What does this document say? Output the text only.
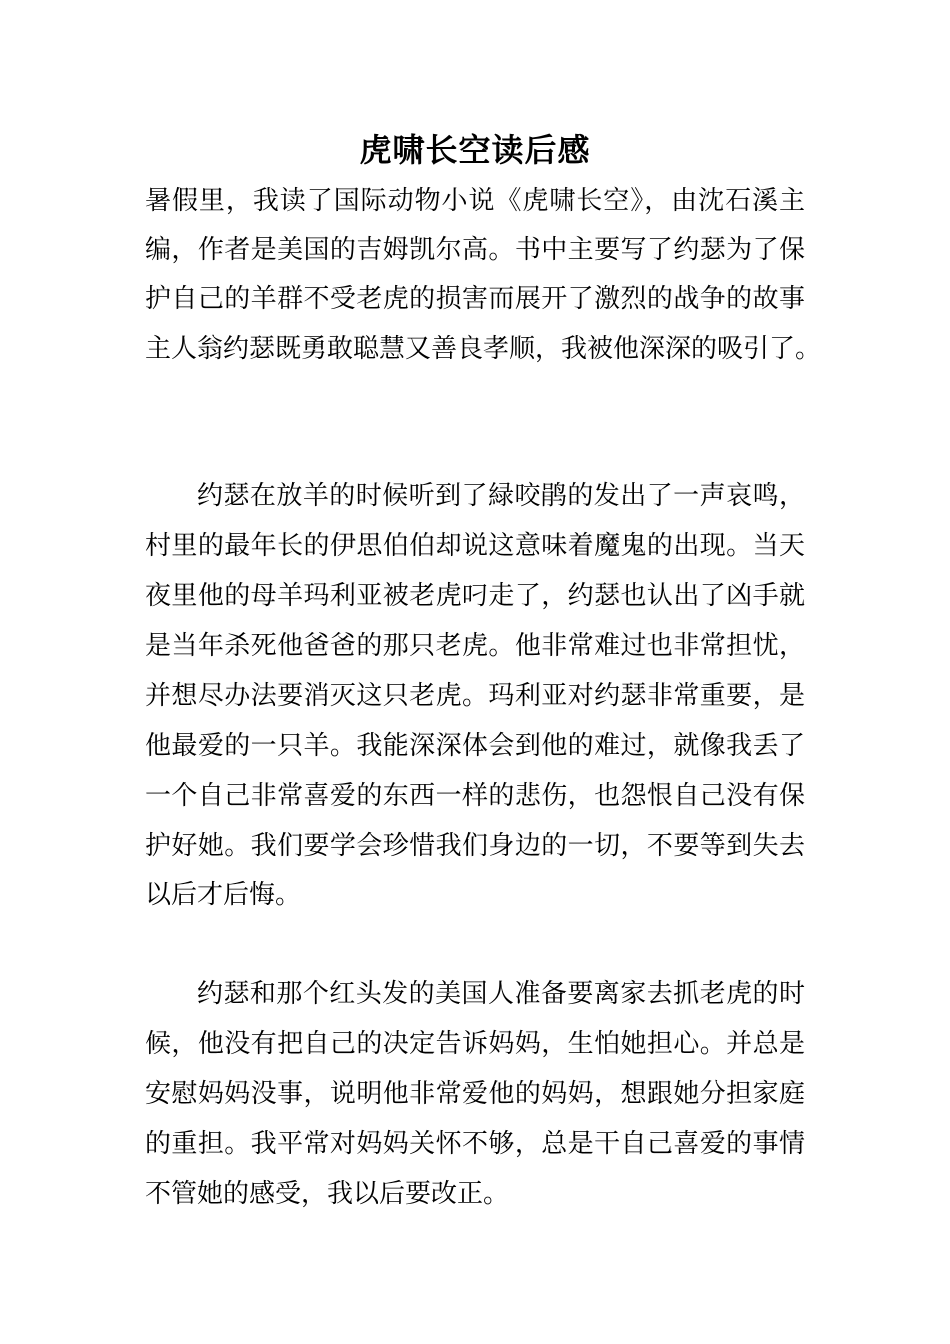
虎啸长空读后感
暑假里，我读了国际动物小说《虎啸长空》，由沈石溪主
编，作者是美国的吉姆凯尔高。书中主要写了约瑟为了保
护自己的羊群不受老虎的损害而展开了激烈的战争的故事
主人翁约瑟既勇敢聪慧又善良孝顺，我被他深深的吸引了。
约瑟在放羊的时候听到了緑咬鹃的发出了一声哀鸣，
村里的最年长的伊思伯伯却说这意味着魔鬼的出现。当天
夜里他的母羊玛利亚被老虎叼走了，约瑟也认出了凶手就
是当年杀死他爸爸的那只老虎。他非常难过也非常担忧，
并想尽办法要消灭这只老虎。玛利亚对约瑟非常重要，是
他最爱的一只羊。我能深深体会到他的难过，就像我丢了
一个自己非常喜爱的东西一样的悲伤，也怨恨自己没有保
护好她。我们要学会珍惜我们身边的一切，不要等到失去
以后才后悔。
约瑟和那个红头发的美国人准备要离家去抓老虎的时
候，他没有把自己的决定告诉妈妈，生怕她担心。并总是
安慰妈妈没事，说明他非常爱他的妈妈，想跟她分担家庭
的重担。我平常对妈妈关怀不够，总是干自己喜爱的事情
不管她的感受，我以后要改正。
